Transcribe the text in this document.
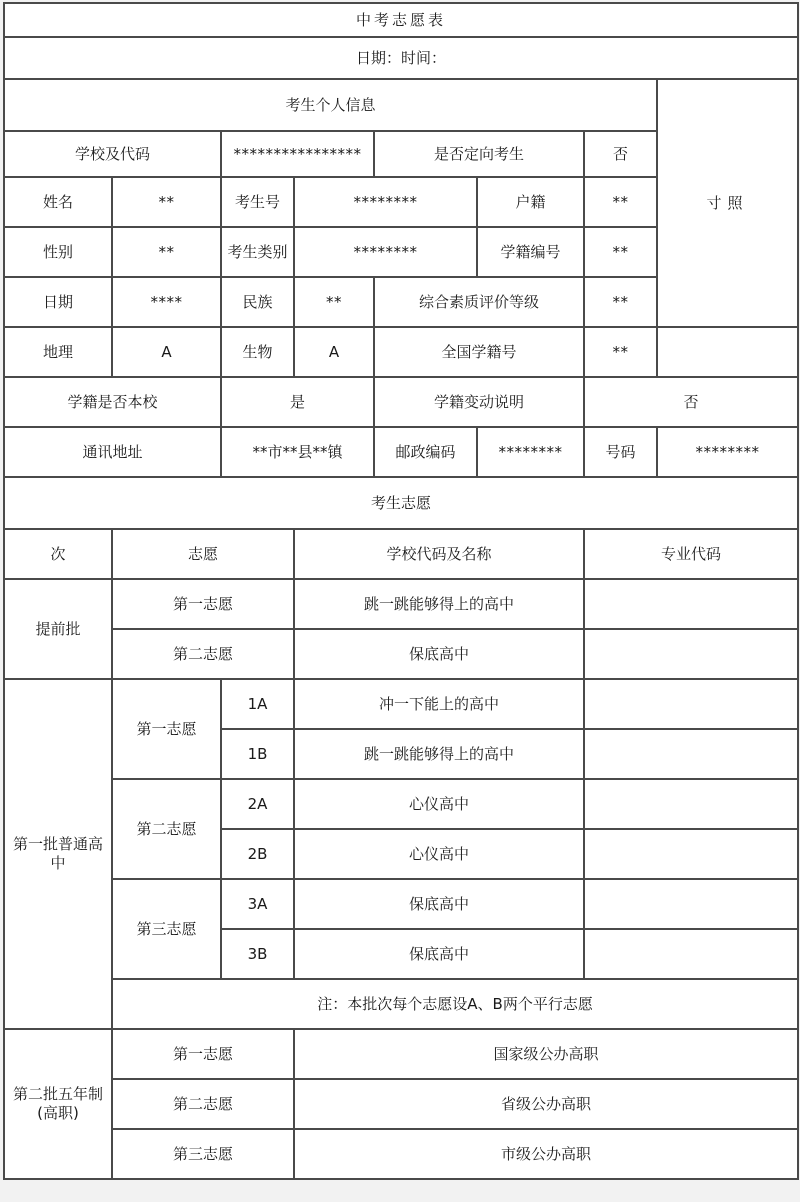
中考志愿表							
日期：时间：							
考生个人信息							寸照
学校及代码		****************		是否定向考生		否	
姓名	**	考生号	********		户籍	**	
性别	**	考生类别	********		学籍编号	**	
日期	****	民族	**	综合素质评价等级		**	
地理	A	生物	A	全国学籍号		**	
学籍是否本校		是		学籍变动说明		否	
通讯地址		**市**县**镇		邮政编码	********	号码	********
考生志愿							
次	志愿		学校代码及名称			专业代码	
提前批	第一志愿		跳一跳能够得上的高中				
	第二志愿		保底高中				
第一批普通高中	第一志愿	1A	冲一下能上的高中				
		1B	跳一跳能够得上的高中				
	第二志愿	2A	心仪高中				
		2B	心仪高中				
	第三志愿	3A	保底高中				
		3B	保底高中				
	注：本批次每个志愿设A、B两个平行志愿						
第二批五年制(高职)	第一志愿		国家级公办高职				
	第二志愿		省级公办高职				
	第三志愿		市级公办高职				
